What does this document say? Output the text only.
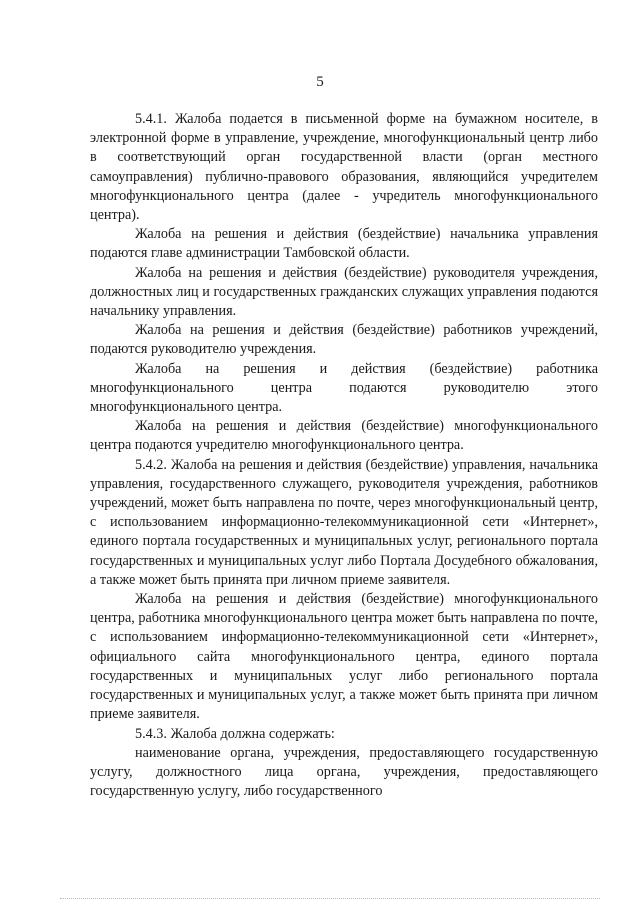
5

5.4.1. Жалоба подается в письменной форме на бумажном носителе, в электронной форме в управление, учреждение, многофункциональный центр либо в соответствующий орган государственной власти (орган местного самоуправления) публично-правового образования, являющийся учредителем многофункционального центра (далее - учредитель многофункционального центра).

Жалоба на решения и действия (бездействие) начальника управления подаются главе администрации Тамбовской области.

Жалоба на решения и действия (бездействие) руководителя учреждения, должностных лиц и государственных гражданских служащих управления подаются начальнику управления.

Жалоба на решения и действия (бездействие) работников учреждений, подаются руководителю учреждения.

Жалоба на решения и действия (бездействие) работника многофункционального центра подаются руководителю этого многофункционального центра.

Жалоба на решения и действия (бездействие) многофункционального центра подаются учредителю многофункционального центра.

5.4.2. Жалоба на решения и действия (бездействие) управления, начальника управления, государственного служащего, руководителя учреждения, работников учреждений, может быть направлена по почте, через многофункциональный центр, с использованием информационно-телекоммуникационной сети «Интернет», единого портала государственных и муниципальных услуг, регионального портала государственных и муниципальных услуг либо Портала Досудебного обжалования, а также может быть принята при личном приеме заявителя.

Жалоба на решения и действия (бездействие) многофункционального центра, работника многофункционального центра может быть направлена по почте, с использованием информационно-телекоммуникационной сети «Интернет», официального сайта многофункционального центра, единого портала государственных и муниципальных услуг либо регионального портала государственных и муниципальных услуг, а также может быть принята при личном приеме заявителя.

5.4.3. Жалоба должна содержать:

наименование органа, учреждения, предоставляющего государственную услугу, должностного лица органа, учреждения, предоставляющего государственную услугу, либо государственного
